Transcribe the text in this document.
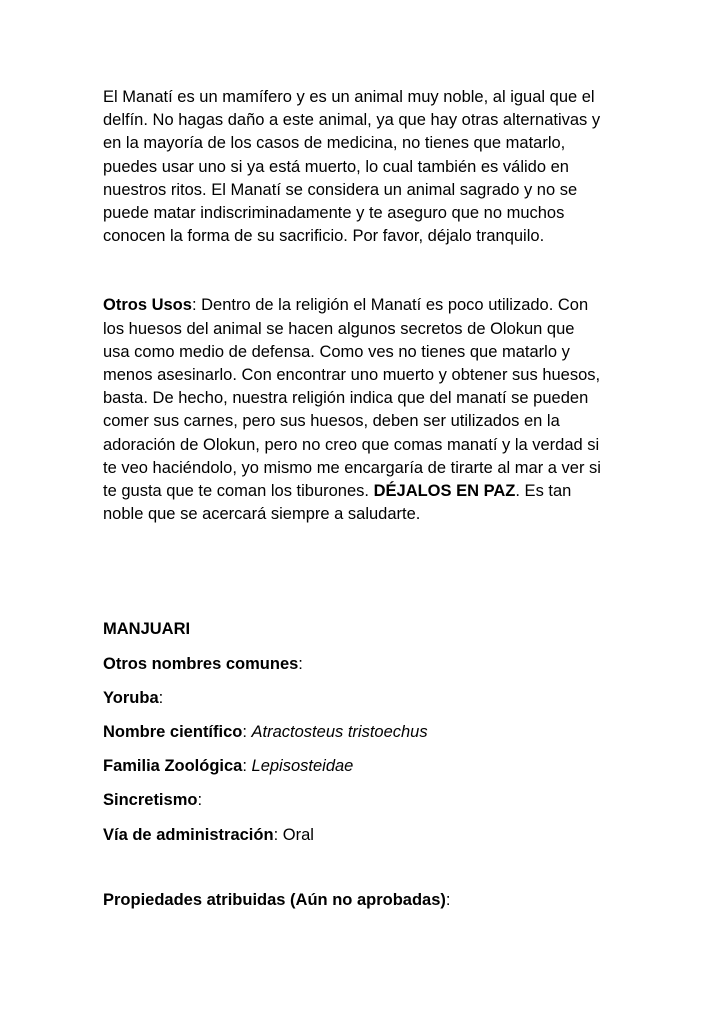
El Manatí es un mamífero y es un animal muy noble, al igual que el
delfín. No hagas daño a este animal, ya que hay otras alternativas y
en la mayoría de los casos de medicina, no tienes que matarlo,
puedes usar uno si ya está muerto, lo cual también es válido en
nuestros ritos. El Manatí se considera un animal sagrado y no se
puede matar indiscriminadamente y te aseguro que no muchos
conocen la forma de su sacrificio. Por favor, déjalo tranquilo.

Otros Usos: Dentro de la religión el Manatí es poco utilizado. Con
los huesos del animal se hacen algunos secretos de Olokun que
usa como medio de defensa. Como ves no tienes que matarlo y
menos asesinarlo. Con encontrar uno muerto y obtener sus huesos,
basta. De hecho, nuestra religión indica que del manatí se pueden
comer sus carnes, pero sus huesos, deben ser utilizados en la
adoración de Olokun, pero no creo que comas manatí y la verdad si
te veo haciéndolo, yo mismo me encargaría de tirarte al mar a ver si
te gusta que te coman los tiburones. DÉJALOS EN PAZ. Es tan
noble que se acercará siempre a saludarte.

MANJUARI

Otros nombres comunes:
Yoruba:
Nombre científico: Atractosteus tristoechus
Familia Zoológica: Lepisosteidae
Sincretismo:
Vía de administración: Oral
Propiedades atribuidas (Aún no aprobadas):
